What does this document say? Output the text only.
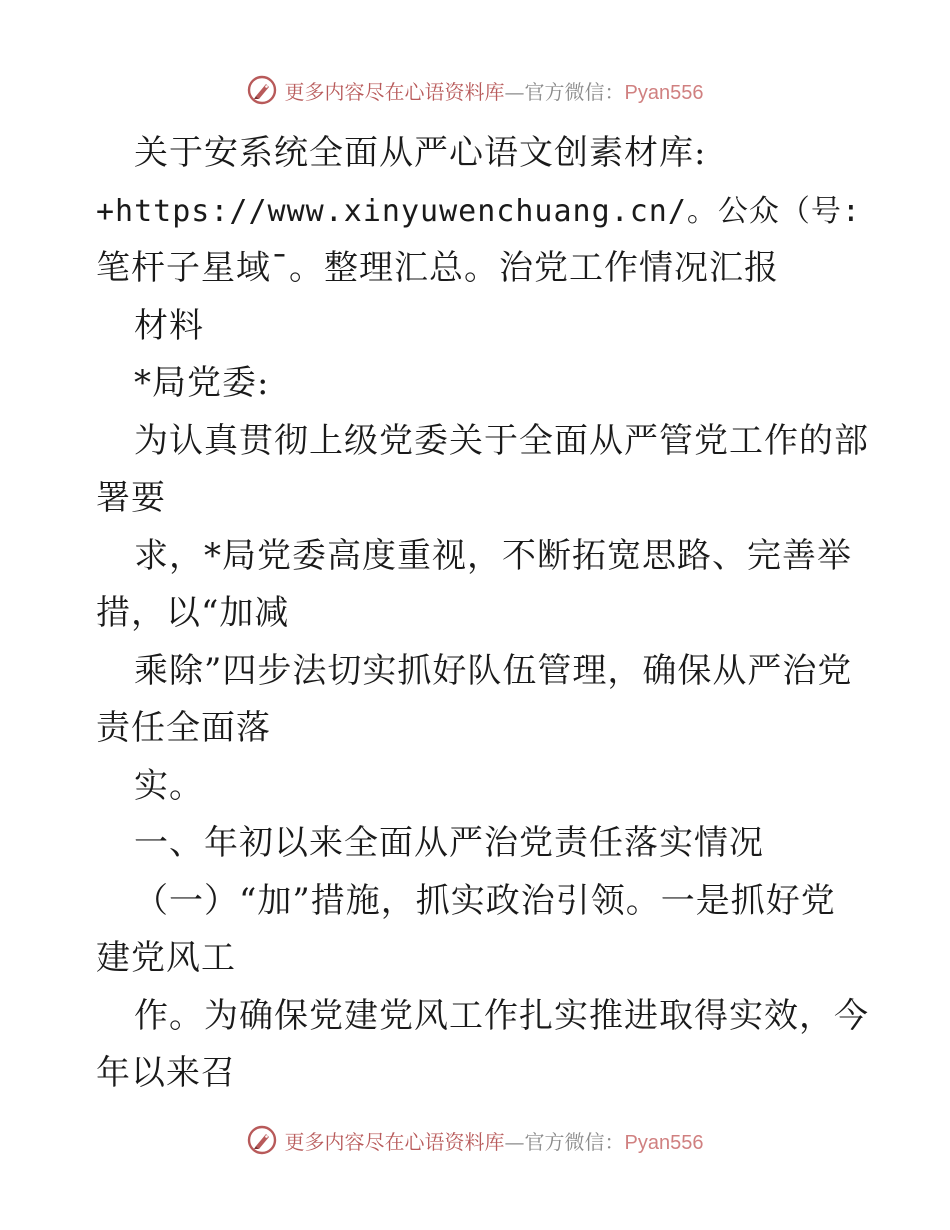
更多内容尽在心语资料库—官方微信：Pyan556
关于安系统全面从严心语文创素材库:
+https://www.xinyuwenchuang.cn/。公众（号:
笔杆子星域¯。整理汇总。治党工作情况汇报
材料
*局党委:
为认真贯彻上级党委关于全面从严管党工作的部
署要
求，*局党委高度重视，不断拓宽思路、完善举
措，以“加减
乘除”四步法切实抓好队伍管理，确保从严治党
责任全面落
实。
一、年初以来全面从严治党责任落实情况
（一）“加”措施，抓实政治引领。一是抓好党
建党风工
作。为确保党建党风工作扎实推进取得实效，今
年以来召
更多内容尽在心语资料库—官方微信：Pyan556
